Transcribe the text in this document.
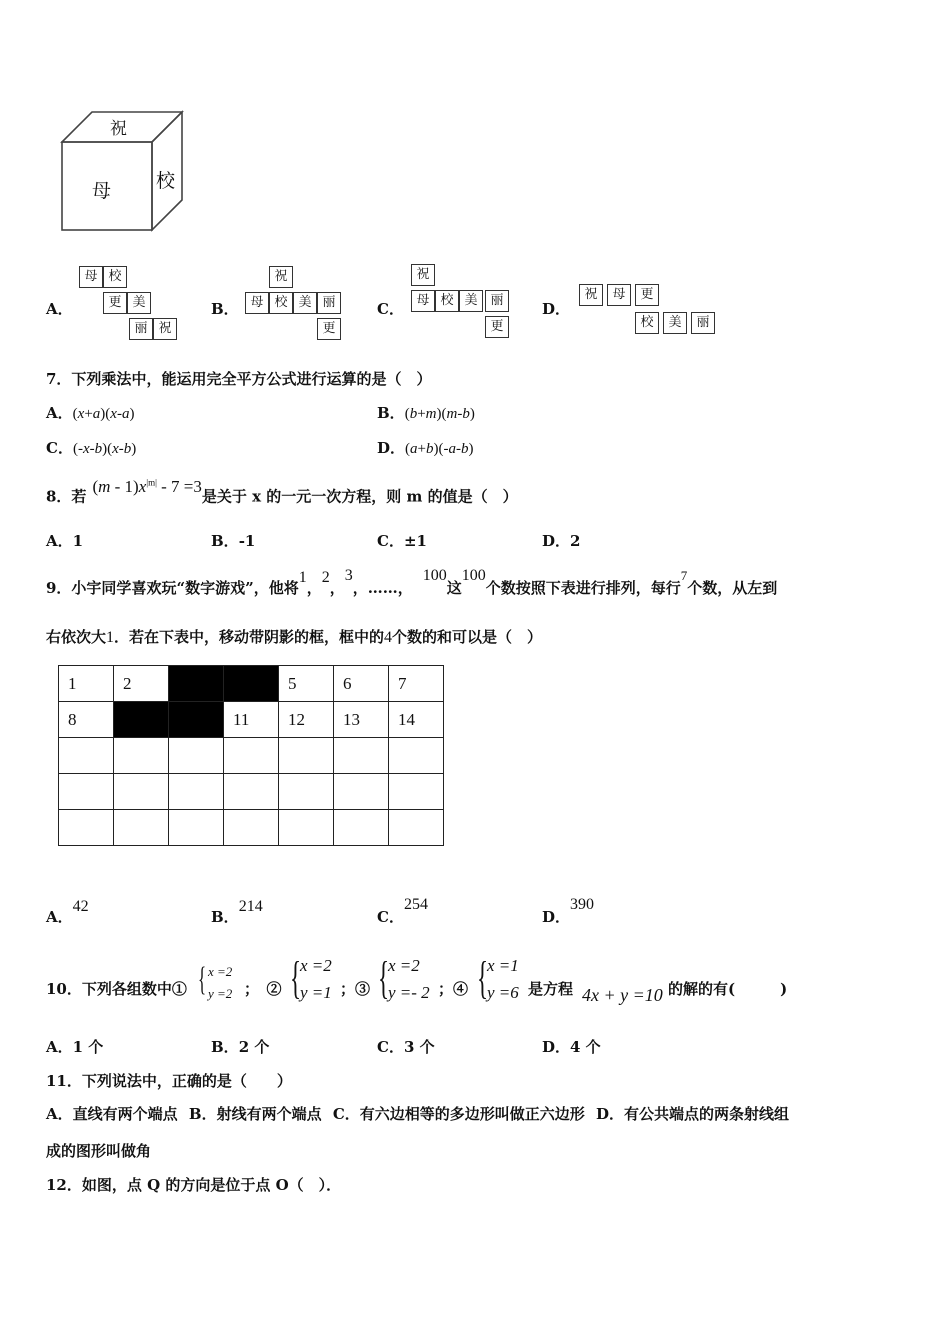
祝
母 校
A．
母 校
更 美
丽 祝
B．
祝
母 校 美 丽
更
C．
祝
母 校 美 丽
更
D．
祝	母	更
校	美	丽
7．下列乘法中，能运用完全平方公式进行运算的是（　）
A．(x+a)(x-a)	B．(b+m)(m-b)
C．(-x-b)(x-b)	D．(a+b)(-a-b)
8．若$(m - 1)x^{|m|} - 7 =3$是关于 x 的一元一次方程，则 m 的值是（　）
A．1	B．-1	C．±1	D．2
9．小宇同学喜欢玩“数字游戏”，他将1，2，3，……，100这100个数按照下表进行排列，每行7个数，从左到
右依次大1．若在下表中，移动带阴影的框，框中的4个数的和可以是（　）
1	2			5	6	7
8			11	12	13	14

A．42
B．214
C．254
D．390
10．下列各组数中① { x =2
y =2 ；　② {
x =2
y =1 ；③ {
x =2
y =- 2 ；④ {
x =1
y =6 是方程 4x + y =10 的解的有(　　　)
A．1 个	B．2 个	C．3 个	D．4 个
11．下列说法中，正确的是（　　）
A．直线有两个端点 B．射线有两个端点 C．有六边相等的多边形叫做正六边形 D．有公共端点的两条射线组
成的图形叫做角
12．如图，点 Q 的方向是位于点 O（　）．
